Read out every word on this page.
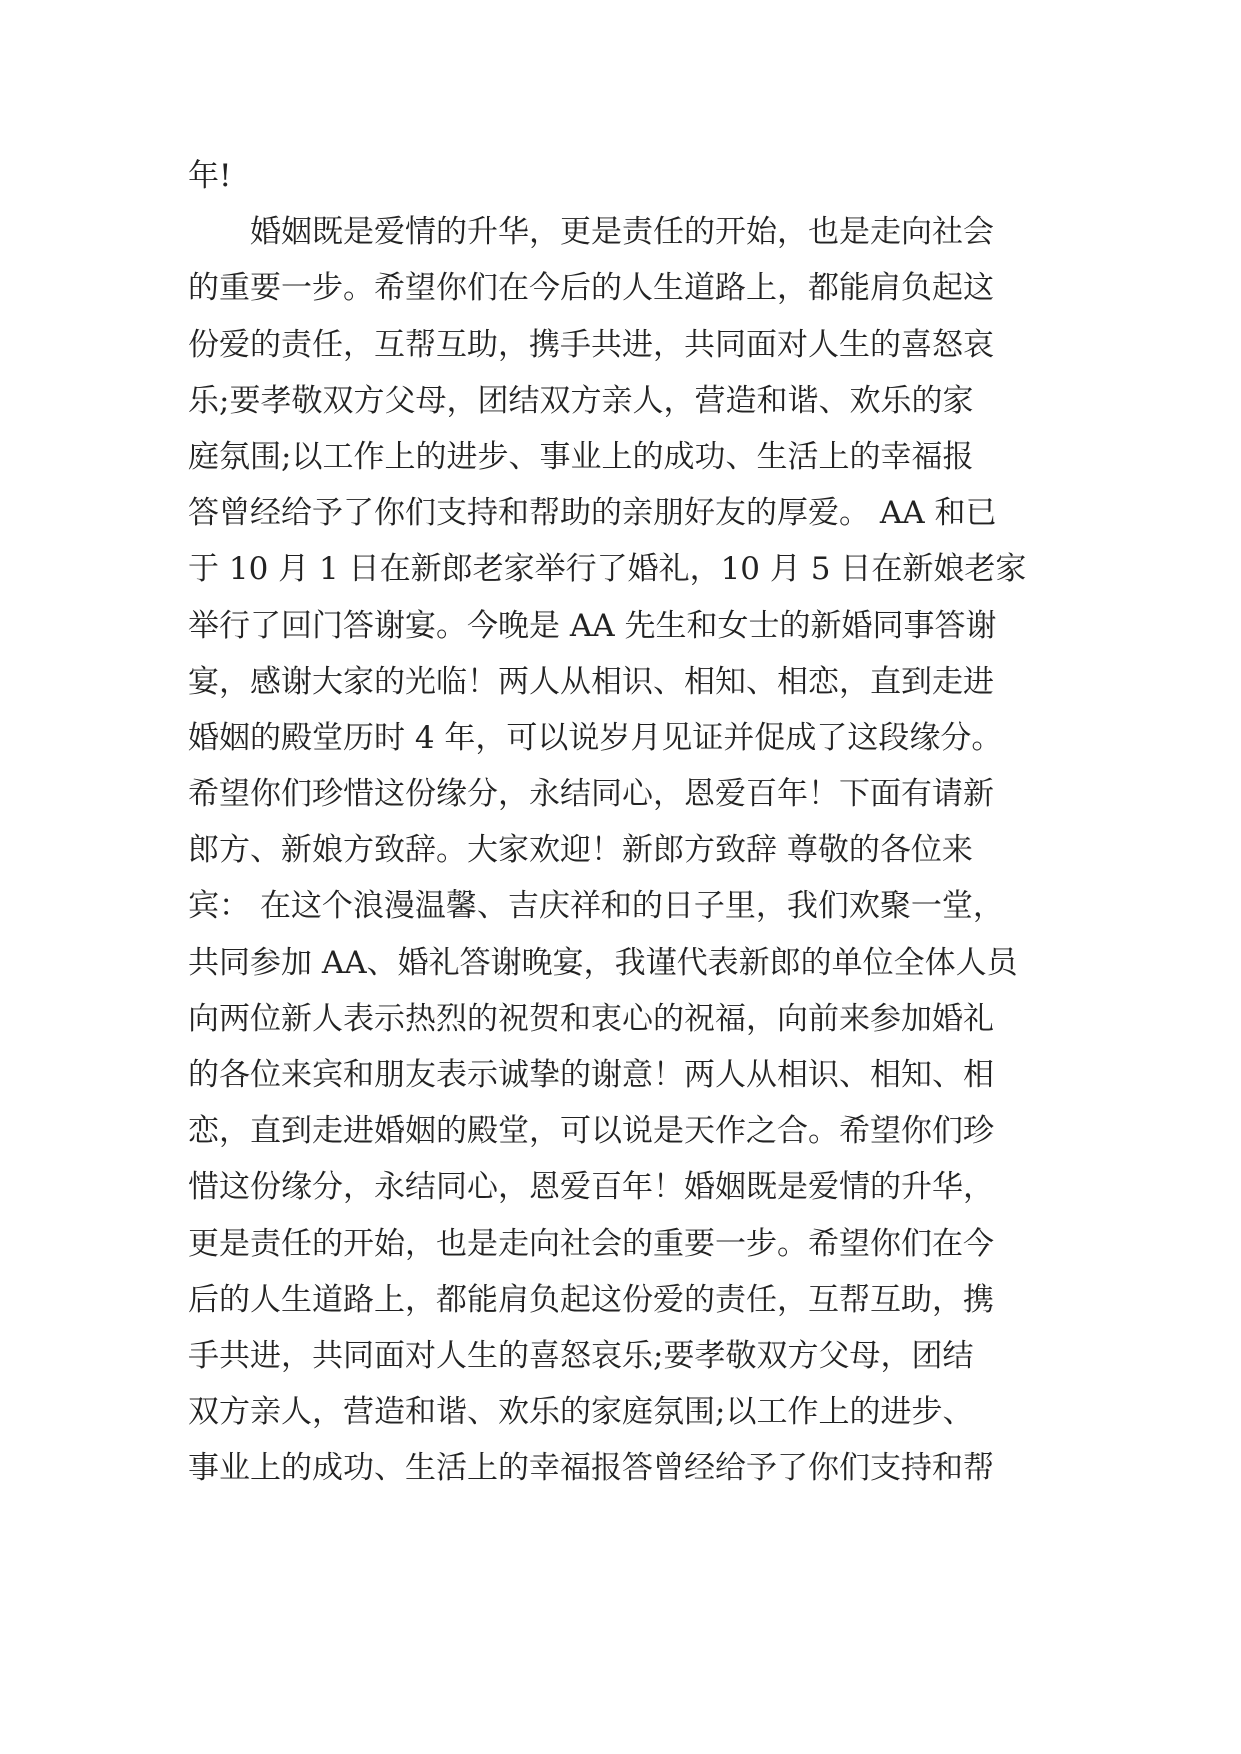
年!
　　婚姻既是爱情的升华，更是责任的开始，也是走向社会
的重要一步。希望你们在今后的人生道路上，都能肩负起这
份爱的责任，互帮互助，携手共进，共同面对人生的喜怒哀
乐;要孝敬双方父母，团结双方亲人，营造和谐、欢乐的家
庭氛围;以工作上的进步、事业上的成功、生活上的幸福报
答曾经给予了你们支持和帮助的亲朋好友的厚爱。 AA 和已
于 10 月 1 日在新郎老家举行了婚礼，10 月 5 日在新娘老家
举行了回门答谢宴。今晚是 AA 先生和女士的新婚同事答谢
宴，感谢大家的光临！两人从相识、相知、相恋，直到走进
婚姻的殿堂历时 4 年，可以说岁月见证并促成了这段缘分。
希望你们珍惜这份缘分，永结同心，恩爱百年！下面有请新
郎方、新娘方致辞。大家欢迎！新郎方致辞 尊敬的各位来
宾： 在这个浪漫温馨、吉庆祥和的日子里，我们欢聚一堂，
共同参加 AA、婚礼答谢晚宴，我谨代表新郎的单位全体人员
向两位新人表示热烈的祝贺和衷心的祝福，向前来参加婚礼
的各位来宾和朋友表示诚挚的谢意！两人从相识、相知、相
恋，直到走进婚姻的殿堂，可以说是天作之合。希望你们珍
惜这份缘分，永结同心，恩爱百年！婚姻既是爱情的升华，
更是责任的开始，也是走向社会的重要一步。希望你们在今
后的人生道路上，都能肩负起这份爱的责任，互帮互助，携
手共进，共同面对人生的喜怒哀乐;要孝敬双方父母，团结
双方亲人，营造和谐、欢乐的家庭氛围;以工作上的进步、
事业上的成功、生活上的幸福报答曾经给予了你们支持和帮
